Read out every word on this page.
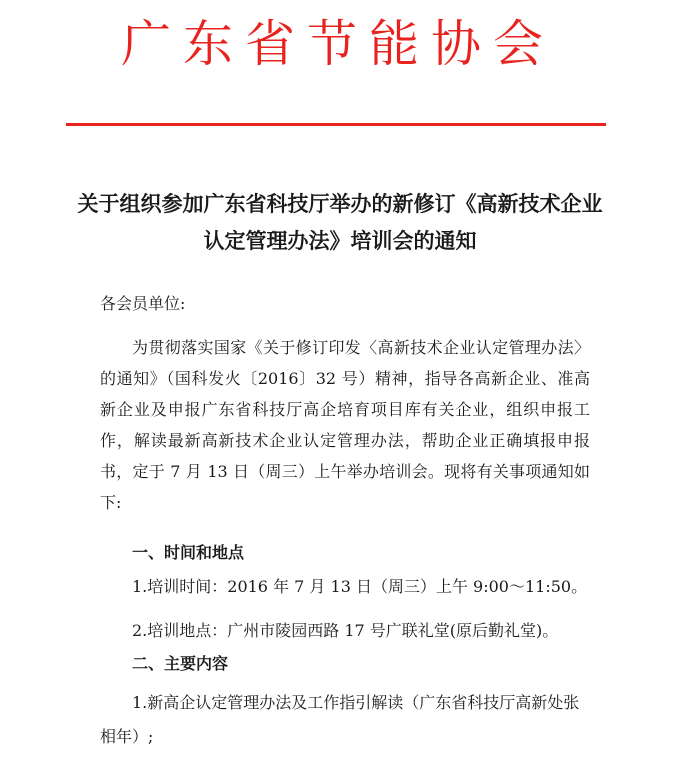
广东省节能协会
关于组织参加广东省科技厅举办的新修订《高新技术企业认定管理办法》培训会的通知
各会员单位:
为贯彻落实国家《关于修订印发〈高新技术企业认定管理办法〉的通知》（国科发火〔2016〕32 号）精神，指导各高新企业、准高新企业及申报广东省科技厅高企培育项目库有关企业，组织申报工作，解读最新高新技术企业认定管理办法，帮助企业正确填报申报书，定于 7 月 13 日（周三）上午举办培训会。现将有关事项通知如下:
一、时间和地点
1.培训时间：2016 年 7 月 13 日（周三）上午 9:00～11:50。
2.培训地点：广州市陵园西路 17 号广联礼堂(原后勤礼堂)。
二、主要内容
1.新高企认定管理办法及工作指引解读（广东省科技厅高新处张相年）;
